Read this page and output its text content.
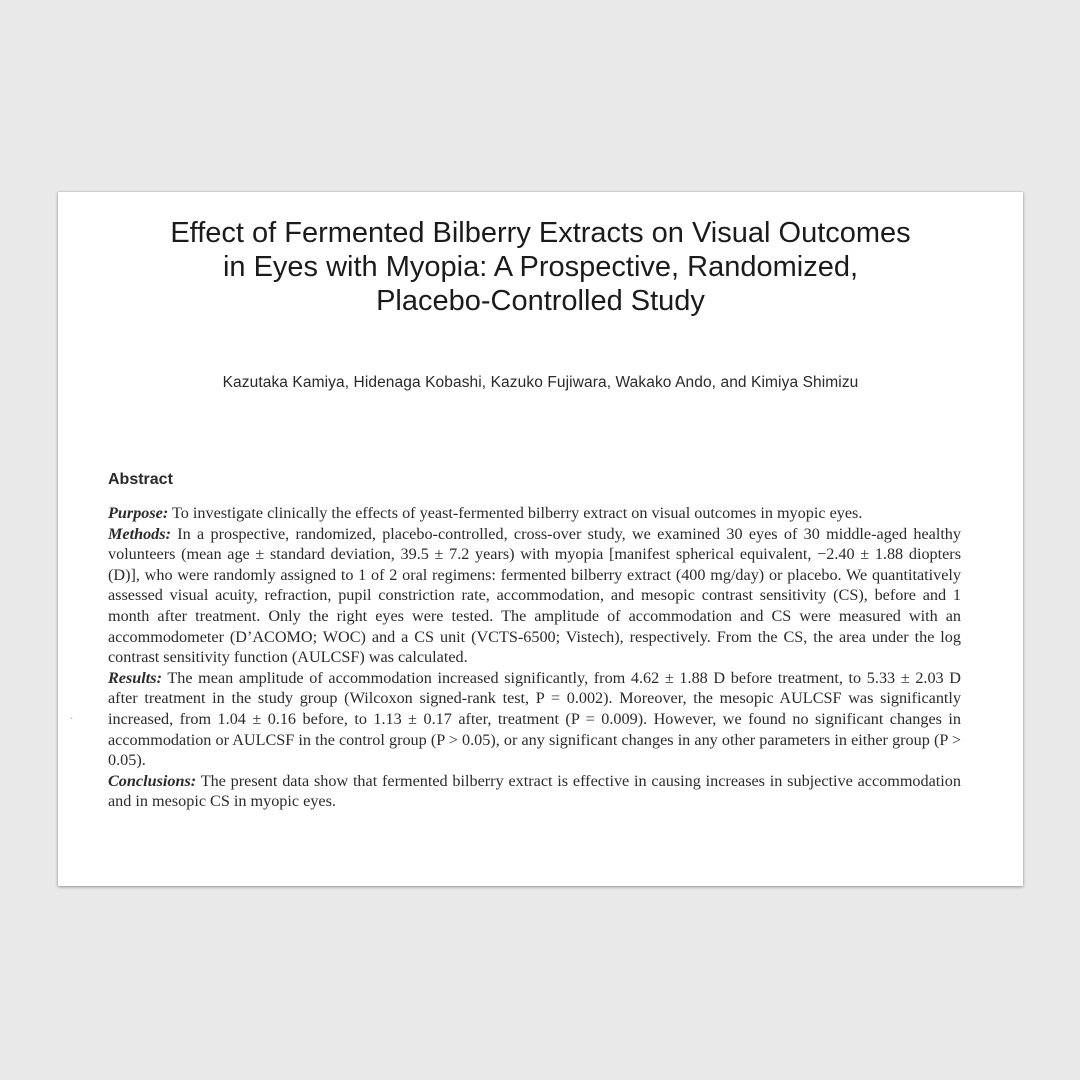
Effect of Fermented Bilberry Extracts on Visual Outcomes
in Eyes with Myopia: A Prospective, Randomized,
Placebo-Controlled Study
Kazutaka Kamiya, Hidenaga Kobashi, Kazuko Fujiwara, Wakako Ando, and Kimiya Shimizu
Abstract

Purpose: To investigate clinically the effects of yeast-fermented bilberry extract on visual outcomes in myopic eyes.

Methods: In a prospective, randomized, placebo-controlled, cross-over study, we examined 30 eyes of 30 middle-aged healthy volunteers (mean age ± standard deviation, 39.5 ± 7.2 years) with myopia [manifest spherical equivalent, −2.40 ± 1.88 diopters (D)], who were randomly assigned to 1 of 2 oral regimens: fermented bilberry extract (400 mg/day) or placebo. We quantitatively assessed visual acuity, refraction, pupil constriction rate, accommodation, and mesopic contrast sensitivity (CS), before and 1 month after treatment. Only the right eyes were tested. The amplitude of accommodation and CS were measured with an accommodometer (D’ACOMO; WOC) and a CS unit (VCTS-6500; Vistech), respectively. From the CS, the area under the log contrast sensitivity function (AULCSF) was calculated.

Results: The mean amplitude of accommodation increased significantly, from 4.62 ± 1.88 D before treatment, to 5.33 ± 2.03 D after treatment in the study group (Wilcoxon signed-rank test, P = 0.002). Moreover, the mesopic AULCSF was significantly increased, from 1.04 ± 0.16 before, to 1.13 ± 0.17 after, treatment (P = 0.009). However, we found no significant changes in accommodation or AULCSF in the control group (P > 0.05), or any significant changes in any other parameters in either group (P > 0.05).

Conclusions: The present data show that fermented bilberry extract is effective in causing increases in subjective accommodation and in mesopic CS in myopic eyes.

·
